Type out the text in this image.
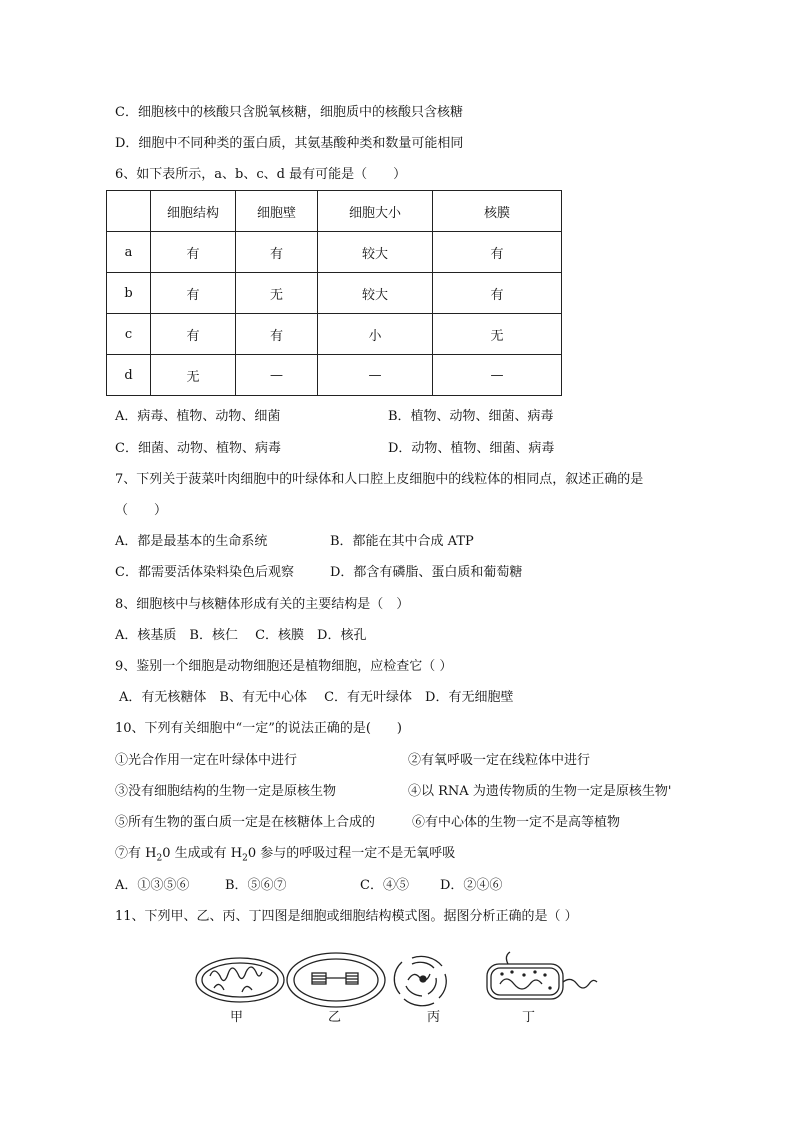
C．细胞核中的核酸只含脱氧核糖，细胞质中的核酸只含核糖
D．细胞中不同种类的蛋白质，其氨基酸种类和数量可能相同
6、如下表所示，a、b、c、d 最有可能是（　　）
	细胞结构	细胞壁	细胞大小	核膜
a	有	有	较大	有
b	有	无	较大	有
c	有	有	小	无
d	无	—	—	—
A．病毒、植物、动物、细菌	B．植物、动物、细菌、病毒
C．细菌、动物、植物、病毒	D．动物、植物、细菌、病毒
7、下列关于菠菜叶肉细胞中的叶绿体和人口腔上皮细胞中的线粒体的相同点，叙述正确的是
（　　）
A．都是最基本的生命系统	B．都能在其中合成 ATP
C．都需要活体染料染色后观察	D．都含有磷脂、蛋白质和葡萄糖
8、细胞核中与核糖体形成有关的主要结构是（　）
A．核基质　B．核仁　 C．核膜　D．核孔
9、鉴别一个细胞是动物细胞还是植物细胞，应检查它（ ）
A．有无核糖体　B、有无中心体　 C．有无叶绿体　D．有无细胞壁
10、下列有关细胞中“一定”的说法正确的是(　　)
①光合作用一定在叶绿体中进行	②有氧呼吸一定在线粒体中进行
③没有细胞结构的生物一定是原核生物	④以 RNA 为遗传物质的生物一定是原核生物'
⑤所有生物的蛋白质一定是在核糖体上合成的	⑥有中心体的生物一定不是高等植物
⑦有 $H_20$ 生成或有 $H_20$ 参与的呼吸过程一定不是无氧呼吸
A．①③⑤⑥	B．⑤⑥⑦	C．④⑤ D．②④⑥
11、下列甲、乙、丙、丁四图是细胞或细胞结构模式图。据图分析正确的是（ ）
甲	乙	丙	丁
